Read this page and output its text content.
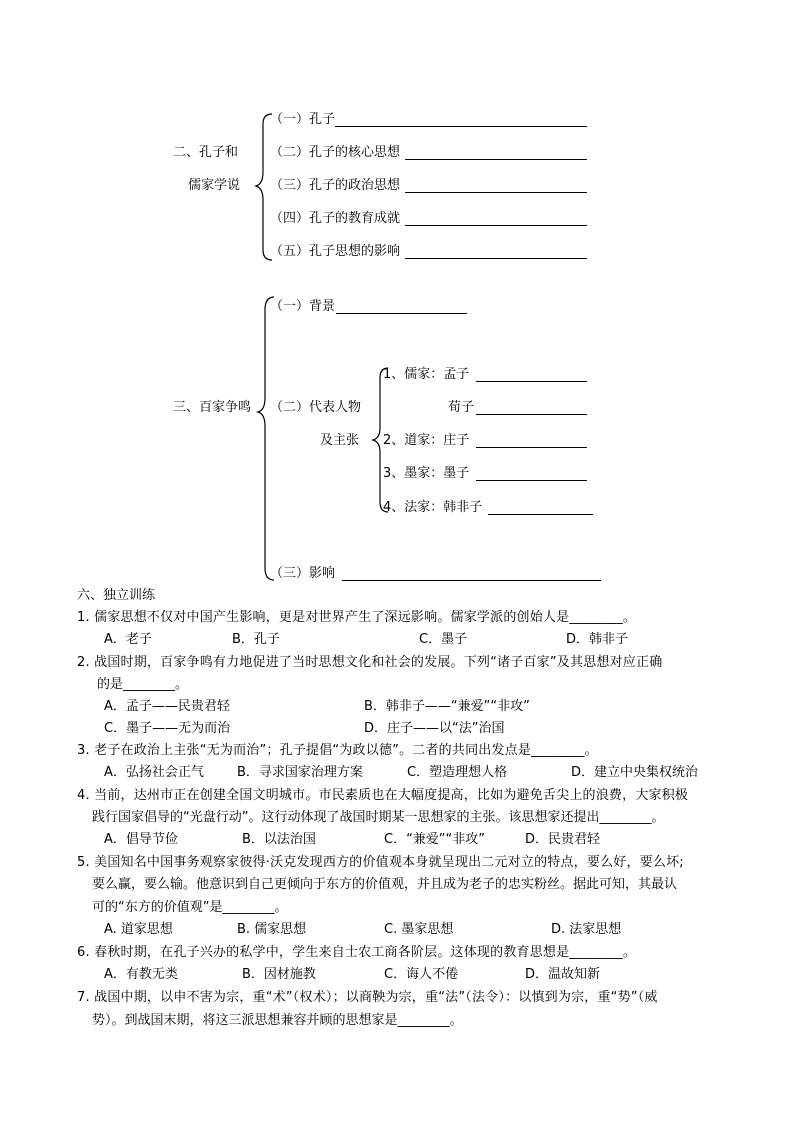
二、孔子和
儒家学说
（一）孔子
（二）孔子的核心思想
（三）孔子的政治思想
（四）孔子的教育成就
（五）孔子思想的影响
三、百家争鸣
（一）背景
（二）代表人物
及主张
1、儒家：孟子
荀子
2、道家：庄子
3、墨家：墨子
4、法家：韩非子
（三）影响
六、独立训练
1. 儒家思想不仅对中国产生影响，更是对世界产生了深远影响。儒家学派的创始人是________。
A．老子	B．孔子	C．墨子	D．韩非子
2. 战国时期，百家争鸣有力地促进了当时思想文化和社会的发展。下列“诸子百家”及其思想对应正确
的是________。
A．孟子——民贵君轻	B．韩非子——“兼爱”“非攻”
C．墨子——无为而治	D．庄子——以“法”治国
3. 老子在政治上主张“无为而治”；孔子提倡“为政以德”。二者的共同出发点是________。
A．弘扬社会正气	B．寻求国家治理方案	C．塑造理想人格	D．建立中央集权统治
4. 当前，达州市正在创建全国文明城市。市民素质也在大幅度提高，比如为避免舌尖上的浪费，大家积极
践行国家倡导的“光盘行动”。这行动体现了战国时期某一思想家的主张。该思想家还提出________。
A．倡导节俭	B．以法治国	C．“兼爱”“非攻”	D．民贵君轻
5. 美国知名中国事务观察家彼得·沃克发现西方的价值观本身就呈现出二元对立的特点，要么好，要么坏;
要么赢，要么输。他意识到自己更倾向于东方的价值观，并且成为老子的忠实粉丝。据此可知，其最认
可的“东方的价值观”是________。
A. 道家思想	B. 儒家思想	C. 墨家思想	D. 法家思想
6. 春秋时期，在孔子兴办的私学中，学生来自士农工商各阶层。这体现的教育思想是________。
A．有教无类	B．因材施教	C．诲人不倦	D．温故知新
7. 战国中期，以申不害为宗，重“术”（权术）；以商鞅为宗，重“法”（法令）：以慎到为宗，重“势”（威
势）。到战国末期，将这三派思想兼容并顾的思想家是________。
